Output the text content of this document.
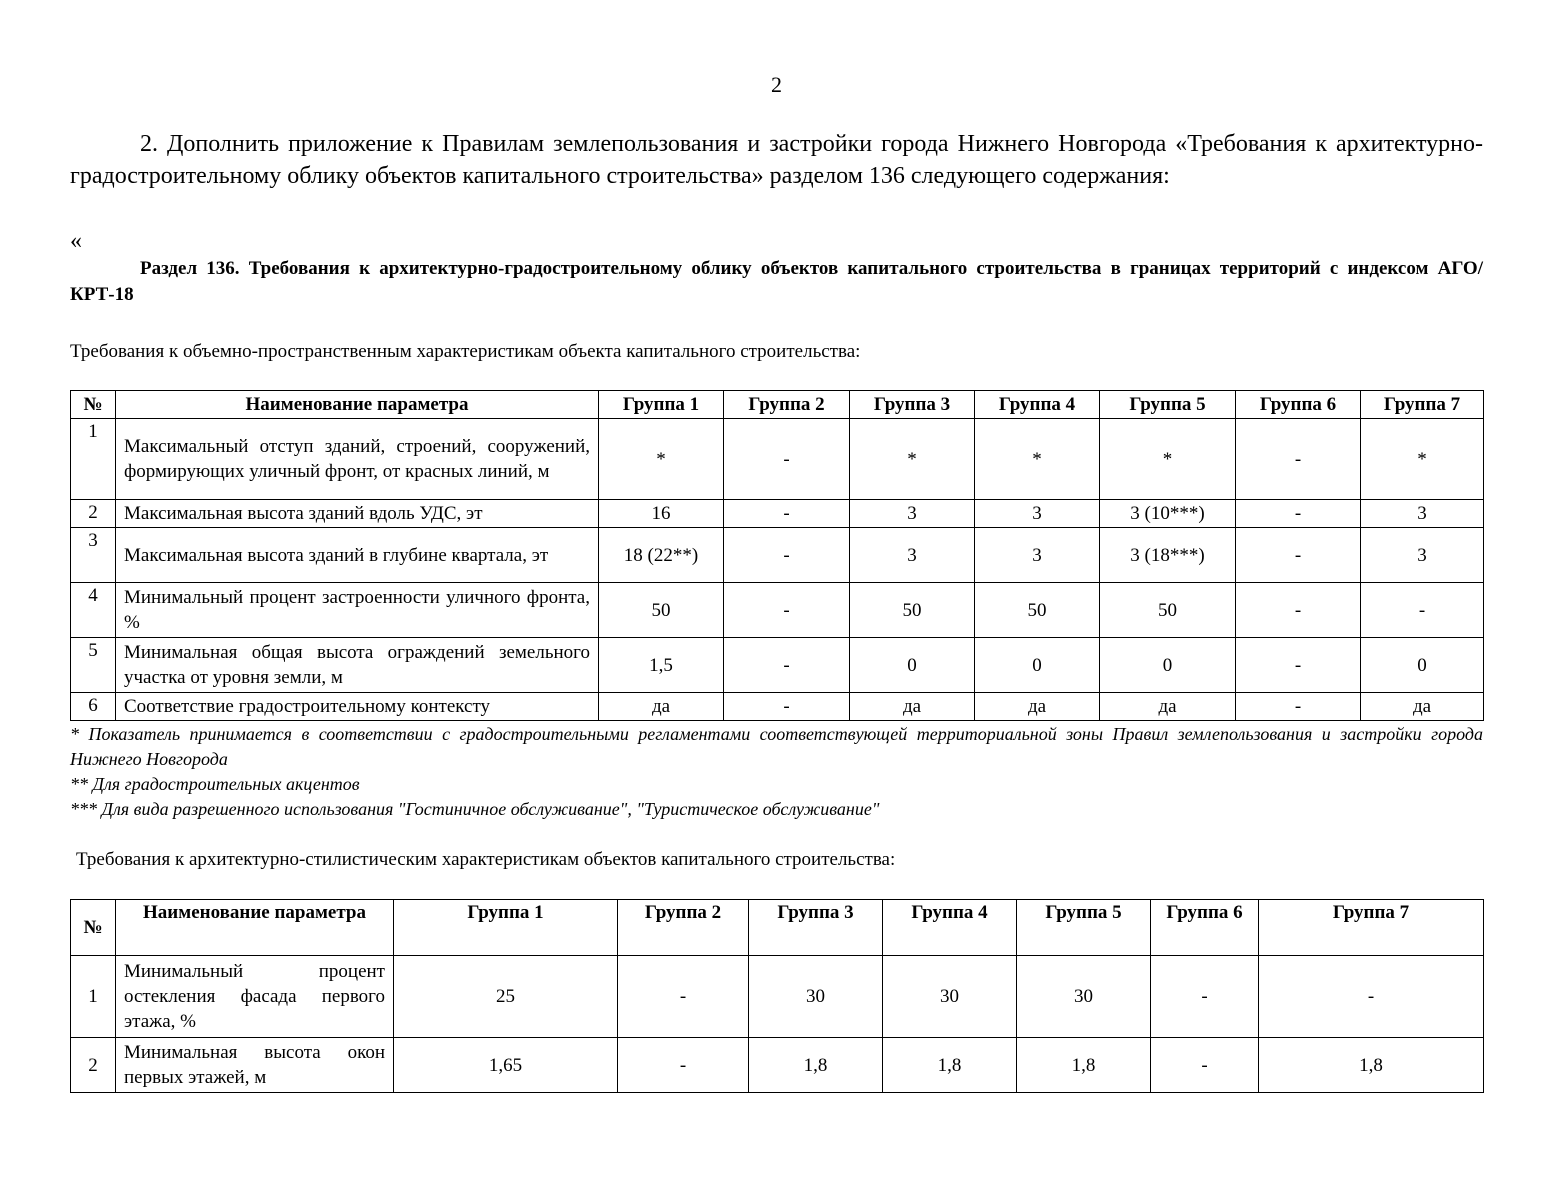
2

2. Дополнить приложение к Правилам землепользования и застройки города Нижнего Новгорода «Требования к архитектурно-градостроительному облику объектов капитального строительства» разделом 136 следующего содержания:

«

Раздел 136. Требования к архитектурно-градостроительному облику объектов капитального строительства в границах территорий с индексом АГО/КРТ-18

Требования к объемно-пространственным характеристикам объекта капитального строительства:
№	Наименование параметра	Группа 1	Группа 2	Группа 3	Группа 4	Группа 5	Группа 6	Группа 7
1	Максимальный отступ зданий, строений, сооружений, формирующих уличный фронт, от красных линий, м	*	-	*	*	*	-	*
2	Максимальная высота зданий вдоль УДС, эт	16	-	3	3	3 (10***)	-	3
3	Максимальная высота зданий в глубине квартала, эт	18 (22**)	-	3	3	3 (18***)	-	3
4	Минимальный процент застроенности уличного фронта, %	50	-	50	50	50	-	-
5	Минимальная общая высота ограждений земельного участка от уровня земли, м	1,5	-	0	0	0	-	0
6	Соответствие градостроительному контексту	да	-	да	да	да	-	да

* Показатель принимается в соответствии с градостроительными регламентами соответствующей территориальной зоны Правил землепользования и застройки города Нижнего Новгорода

** Для градостроительных акцентов

*** Для вида разрешенного использования "Гостиничное обслуживание", "Туристическое обслуживание"

Требования к архитектурно-стилистическим характеристикам объектов капитального строительства:
№	Наименование параметра	Группа 1	Группа 2	Группа 3	Группа 4	Группа 5	Группа 6	Группа 7
1	Минимальный процент остекления фасада первого этажа, %	25	-	30	30	30	-	-
2	Минимальная высота окон первых этажей, м	1,65	-	1,8	1,8	1,8	-	1,8
